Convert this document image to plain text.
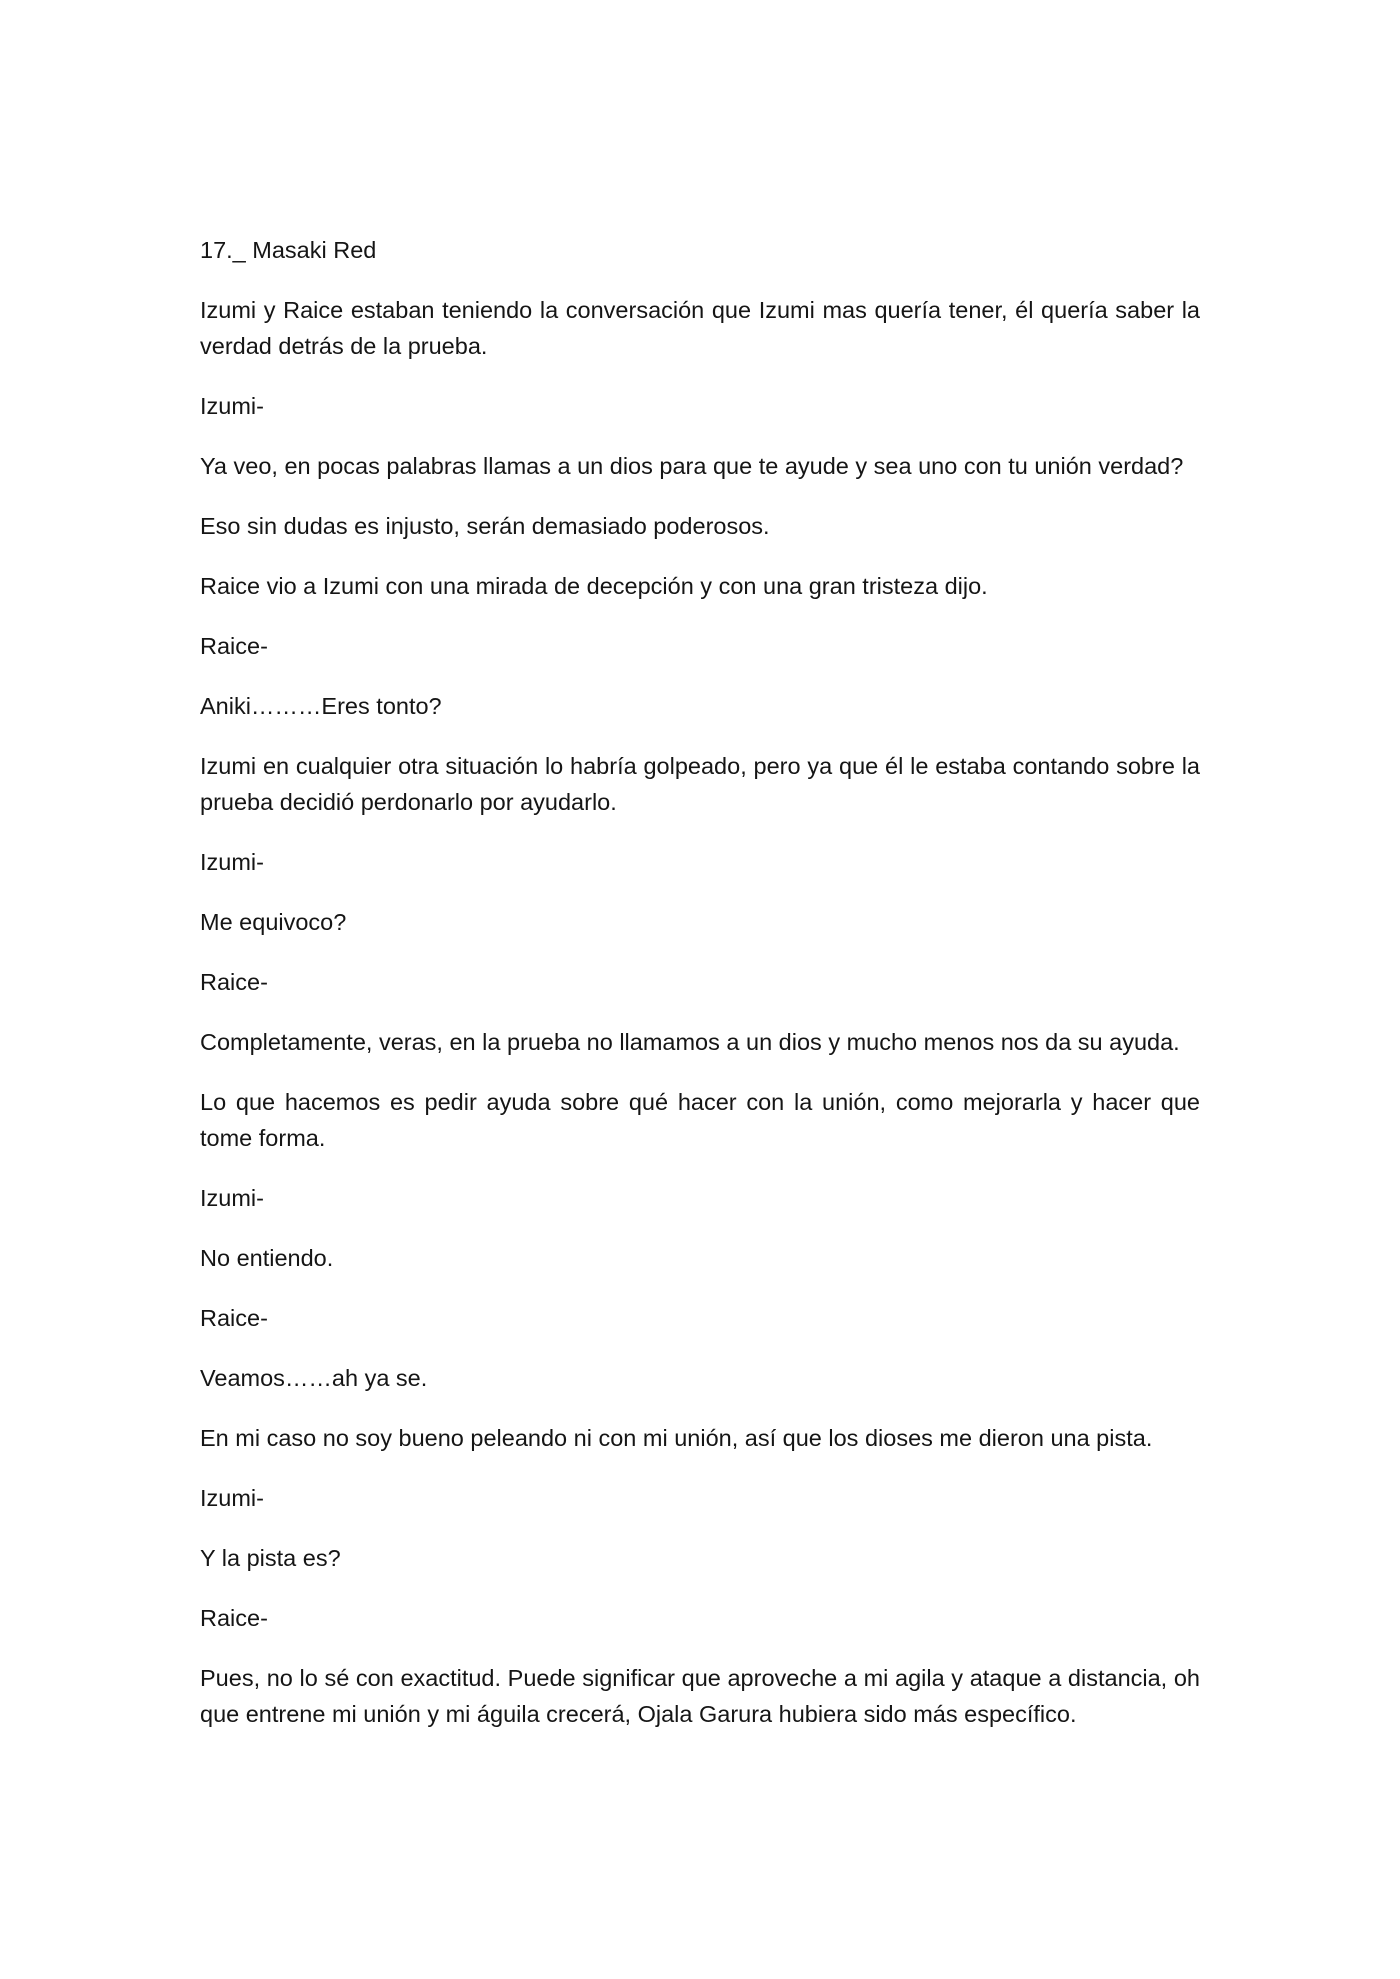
17._ Masaki Red

Izumi y Raice estaban teniendo la conversación que Izumi mas quería tener, él quería saber la verdad detrás de la prueba.

Izumi-

Ya veo, en pocas palabras llamas a un dios para que te ayude y sea uno con tu unión verdad?

Eso sin dudas es injusto, serán demasiado poderosos.

Raice vio a Izumi con una mirada de decepción y con una gran tristeza dijo.

Raice-

Aniki………Eres tonto?

Izumi en cualquier otra situación lo habría golpeado, pero ya que él le estaba contando sobre la prueba decidió perdonarlo por ayudarlo.

Izumi-

Me equivoco?

Raice-

Completamente, veras, en la prueba no llamamos a un dios y mucho menos nos da su ayuda.

Lo que hacemos es pedir ayuda sobre qué hacer con la unión, como mejorarla y hacer que tome forma.

Izumi-

No entiendo.

Raice-

Veamos……ah ya se.

En mi caso no soy bueno peleando ni con mi unión, así que los dioses me dieron una pista.

Izumi-

Y la pista es?

Raice-

Pues, no lo sé con exactitud. Puede significar que aproveche a mi agila y ataque a distancia, oh que entrene mi unión y mi águila crecerá, Ojala Garura hubiera sido más específico.
